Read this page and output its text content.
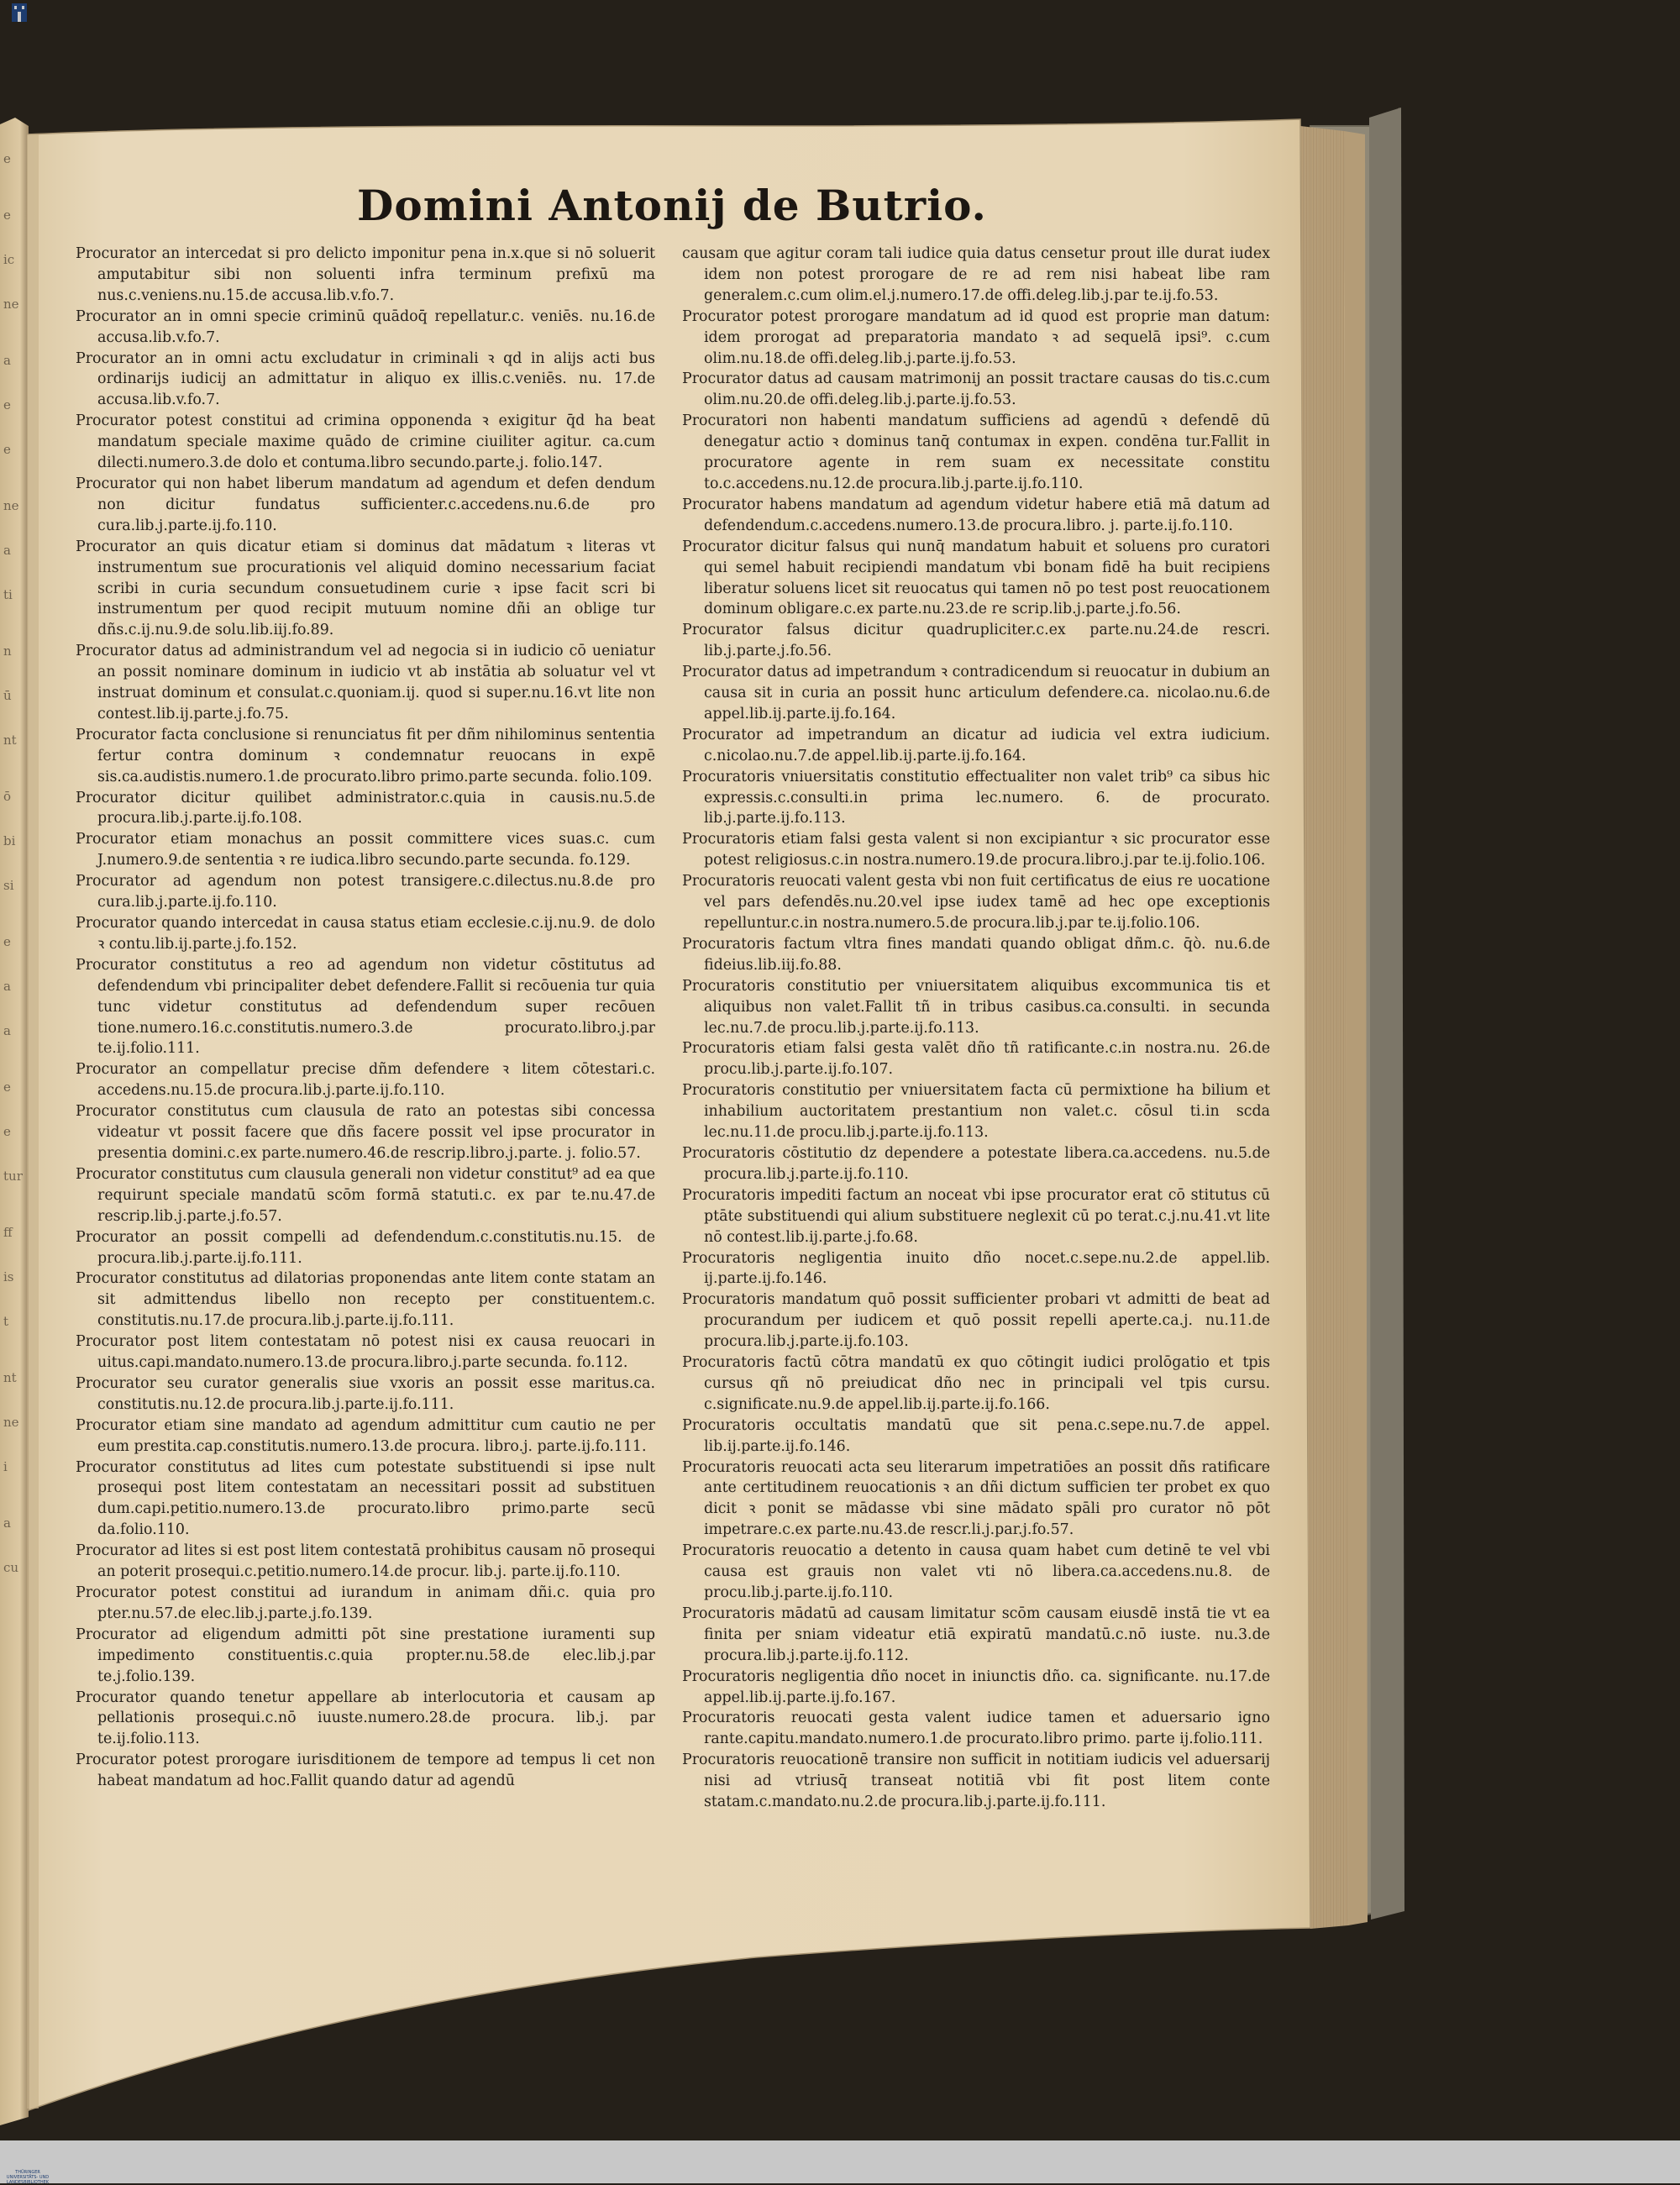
e
e
ic
ne
a
e
e
ne
a
ti
n
ū
nt
ō
bi
si
e
a
a
e
e
tur
ff
is
t
nt
ne
i
a
cu
Domini Antonij de Butrio.

Procurator an intercedat si pro delicto imponitur pena in.x.que si nō soluerit amputabitur sibi non soluenti infra terminum prefixū ma nus.c.veniens.nu.15.de accusa.lib.v.fo.7.

Procurator an in omni specie criminū quādoq̄ repellatur.c. veniēs. nu.16.de accusa.lib.v.fo.7.

Procurator an in omni actu excludatur in criminali ꝛ qd in alijs acti bus ordinarijs iudicij an admittatur in aliquo ex illis.c.veniēs. nu. 17.de accusa.lib.v.fo.7.

Procurator potest constitui ad crimina opponenda ꝛ exigitur q̄d ha beat mandatum speciale maxime quādo de crimine ciuiliter agitur. ca.cum dilecti.numero.3.de dolo et contuma.libro secundo.parte.j. folio.147.

Procurator qui non habet liberum mandatum ad agendum et defen dendum non dicitur fundatus sufficienter.c.accedens.nu.6.de pro cura.lib.j.parte.ij.fo.110.

Procurator an quis dicatur etiam si dominus dat mādatum ꝛ literas vt instrumentum sue procurationis vel aliquid domino necessarium faciat scribi in curia secundum consuetudinem curie ꝛ ipse facit scri bi instrumentum per quod recipit mutuum nomine dñi an oblige tur dñs.c.ij.nu.9.de solu.lib.iij.fo.89.

Procurator datus ad administrandum vel ad negocia si in iudicio cō ueniatur an possit nominare dominum in iudicio vt ab instātia ab soluatur vel vt instruat dominum et consulat.c.quoniam.ij. quod si super.nu.16.vt lite non contest.lib.ij.parte.j.fo.75.

Procurator facta conclusione si renunciatus fit per dñm nihilominus sententia fertur contra dominum ꝛ condemnatur reuocans in expē sis.ca.audistis.numero.1.de procurato.libro primo.parte secunda. folio.109.

Procurator dicitur quilibet administrator.c.quia in causis.nu.5.de procura.lib.j.parte.ij.fo.108.

Procurator etiam monachus an possit committere vices suas.c. cum J.numero.9.de sententia ꝛ re iudica.libro secundo.parte secunda. fo.129.

Procurator ad agendum non potest transigere.c.dilectus.nu.8.de pro cura.lib.j.parte.ij.fo.110.

Procurator quando intercedat in causa status etiam ecclesie.c.ij.nu.9. de dolo ꝛ contu.lib.ij.parte.j.fo.152.

Procurator constitutus a reo ad agendum non videtur cōstitutus ad defendendum vbi principaliter debet defendere.Fallit si recōuenia tur quia tunc videtur constitutus ad defendendum super recōuen tione.numero.16.c.constitutis.numero.3.de procurato.libro.j.par te.ij.folio.111.

Procurator an compellatur precise dñm defendere ꝛ litem cōtestari.c. accedens.nu.15.de procura.lib.j.parte.ij.fo.110.

Procurator constitutus cum clausula de rato an potestas sibi concessa videatur vt possit facere que dñs facere possit vel ipse procurator in presentia domini.c.ex parte.numero.46.de rescrip.libro.j.parte. j. folio.57.

Procurator constitutus cum clausula generali non videtur constitut⁹ ad ea que requirunt speciale mandatū scōm formā statuti.c. ex par te.nu.47.de rescrip.lib.j.parte.j.fo.57.

Procurator an possit compelli ad defendendum.c.constitutis.nu.15. de procura.lib.j.parte.ij.fo.111.

Procurator constitutus ad dilatorias proponendas ante litem conte statam an sit admittendus libello non recepto per constituentem.c. constitutis.nu.17.de procura.lib.j.parte.ij.fo.111.

Procurator post litem contestatam nō potest nisi ex causa reuocari in uitus.capi.mandato.numero.13.de procura.libro.j.parte secunda. fo.112.

Procurator seu curator generalis siue vxoris an possit esse maritus.ca. constitutis.nu.12.de procura.lib.j.parte.ij.fo.111.

Procurator etiam sine mandato ad agendum admittitur cum cautio ne per eum prestita.cap.constitutis.numero.13.de procura. libro.j. parte.ij.fo.111.

Procurator constitutus ad lites cum potestate substituendi si ipse nult prosequi post litem contestatam an necessitari possit ad substituen dum.capi.petitio.numero.13.de procurato.libro primo.parte secū da.folio.110.

Procurator ad lites si est post litem contestatā prohibitus causam nō prosequi an poterit prosequi.c.petitio.numero.14.de procur. lib.j. parte.ij.fo.110.

Procurator potest constitui ad iurandum in animam dñi.c. quia pro pter.nu.57.de elec.lib.j.parte.j.fo.139.

Procurator ad eligendum admitti pōt sine prestatione iuramenti sup impedimento constituentis.c.quia propter.nu.58.de elec.lib.j.par te.j.folio.139.

Procurator quando tenetur appellare ab interlocutoria et causam ap pellationis prosequi.c.nō iuuste.numero.28.de procura. lib.j. par te.ij.folio.113.

Procurator potest prorogare iurisditionem de tempore ad tempus li cet non habeat mandatum ad hoc.Fallit quando datur ad agendū

causam que agitur coram tali iudice quia datus censetur prout ille durat iudex idem non potest prorogare de re ad rem nisi habeat libe ram generalem.c.cum olim.el.j.numero.17.de offi.deleg.lib.j.par te.ij.fo.53.

Procurator potest prorogare mandatum ad id quod est proprie man datum: idem prorogat ad preparatoria mandato ꝛ ad sequelā ipsi⁹. c.cum olim.nu.18.de offi.deleg.lib.j.parte.ij.fo.53.

Procurator datus ad causam matrimonij an possit tractare causas do tis.c.cum olim.nu.20.de offi.deleg.lib.j.parte.ij.fo.53.

Procuratori non habenti mandatum sufficiens ad agendū ꝛ defendē dū denegatur actio ꝛ dominus tanq̄ contumax in expen. condēna tur.Fallit in procuratore agente in rem suam ex necessitate constitu to.c.accedens.nu.12.de procura.lib.j.parte.ij.fo.110.

Procurator habens mandatum ad agendum videtur habere etiā mā datum ad defendendum.c.accedens.numero.13.de procura.libro. j. parte.ij.fo.110.

Procurator dicitur falsus qui nunq̄ mandatum habuit et soluens pro curatori qui semel habuit recipiendi mandatum vbi bonam fidē ha buit recipiens liberatur soluens licet sit reuocatus qui tamen nō po test post reuocationem dominum obligare.c.ex parte.nu.23.de re scrip.lib.j.parte.j.fo.56.

Procurator falsus dicitur quadrupliciter.c.ex parte.nu.24.de rescri. lib.j.parte.j.fo.56.

Procurator datus ad impetrandum ꝛ contradicendum si reuocatur in dubium an causa sit in curia an possit hunc articulum defendere.ca. nicolao.nu.6.de appel.lib.ij.parte.ij.fo.164.

Procurator ad impetrandum an dicatur ad iudicia vel extra iudicium. c.nicolao.nu.7.de appel.lib.ij.parte.ij.fo.164.

Procuratoris vniuersitatis constitutio effectualiter non valet trib⁹ ca sibus hic expressis.c.consulti.in prima lec.numero. 6. de procurato. lib.j.parte.ij.fo.113.

Procuratoris etiam falsi gesta valent si non excipiantur ꝛ sic procurator esse potest religiosus.c.in nostra.numero.19.de procura.libro.j.par te.ij.folio.106.

Procuratoris reuocati valent gesta vbi non fuit certificatus de eius re uocatione vel pars defendēs.nu.20.vel ipse iudex tamē ad hec ope exceptionis repelluntur.c.in nostra.numero.5.de procura.lib.j.par te.ij.folio.106.

Procuratoris factum vltra fines mandati quando obligat dñm.c. q̄ò. nu.6.de fideius.lib.iij.fo.88.

Procuratoris constitutio per vniuersitatem aliquibus excommunica tis et aliquibus non valet.Fallit tñ in tribus casibus.ca.consulti. in secunda lec.nu.7.de procu.lib.j.parte.ij.fo.113.

Procuratoris etiam falsi gesta valēt dño tñ ratificante.c.in nostra.nu. 26.de procu.lib.j.parte.ij.fo.107.

Procuratoris constitutio per vniuersitatem facta cū permixtione ha bilium et inhabilium auctoritatem prestantium non valet.c. cōsul ti.in scda lec.nu.11.de procu.lib.j.parte.ij.fo.113.

Procuratoris cōstitutio dz dependere a potestate libera.ca.accedens. nu.5.de procura.lib.j.parte.ij.fo.110.

Procuratoris impediti factum an noceat vbi ipse procurator erat cō stitutus cū ptāte substituendi qui alium substituere neglexit cū po terat.c.j.nu.41.vt lite nō contest.lib.ij.parte.j.fo.68.

Procuratoris negligentia inuito dño nocet.c.sepe.nu.2.de appel.lib. ij.parte.ij.fo.146.

Procuratoris mandatum quō possit sufficienter probari vt admitti de beat ad procurandum per iudicem et quō possit repelli aperte.ca.j. nu.11.de procura.lib.j.parte.ij.fo.103.

Procuratoris factū cōtra mandatū ex quo cōtingit iudici prolōgatio et tpis cursus qñ nō preiudicat dño nec in principali vel tpis cursu. c.significate.nu.9.de appel.lib.ij.parte.ij.fo.166.

Procuratoris occultatis mandatū que sit pena.c.sepe.nu.7.de appel. lib.ij.parte.ij.fo.146.

Procuratoris reuocati acta seu literarum impetratiōes an possit dñs ratificare ante certitudinem reuocationis ꝛ an dñi dictum sufficien ter probet ex quo dicit ꝛ ponit se mādasse vbi sine mādato spāli pro curator nō pōt impetrare.c.ex parte.nu.43.de rescr.li.j.par.j.fo.57.

Procuratoris reuocatio a detento in causa quam habet cum detinē te vel vbi causa est grauis non valet vti nō libera.ca.accedens.nu.8. de procu.lib.j.parte.ij.fo.110.

Procuratoris mādatū ad causam limitatur scōm causam eiusdē instā tie vt ea finita per sniam videatur etiā expiratū mandatū.c.nō iuste. nu.3.de procura.lib.j.parte.ij.fo.112.

Procuratoris negligentia dño nocet in iniunctis dño. ca. significante. nu.17.de appel.lib.ij.parte.ij.fo.167.

Procuratoris reuocati gesta valent iudice tamen et aduersario igno rante.capitu.mandato.numero.1.de procurato.libro primo. parte ij.folio.111.

Procuratoris reuocationē transire non sufficit in notitiam iudicis vel aduersarij nisi ad vtriusq̄ transeat notitiā vbi fit post litem conte statam.c.mandato.nu.2.de procura.lib.j.parte.ij.fo.111.

THÜRINGER UNIVERSITÄTS- UND LANDESBIBLIOTHEK
